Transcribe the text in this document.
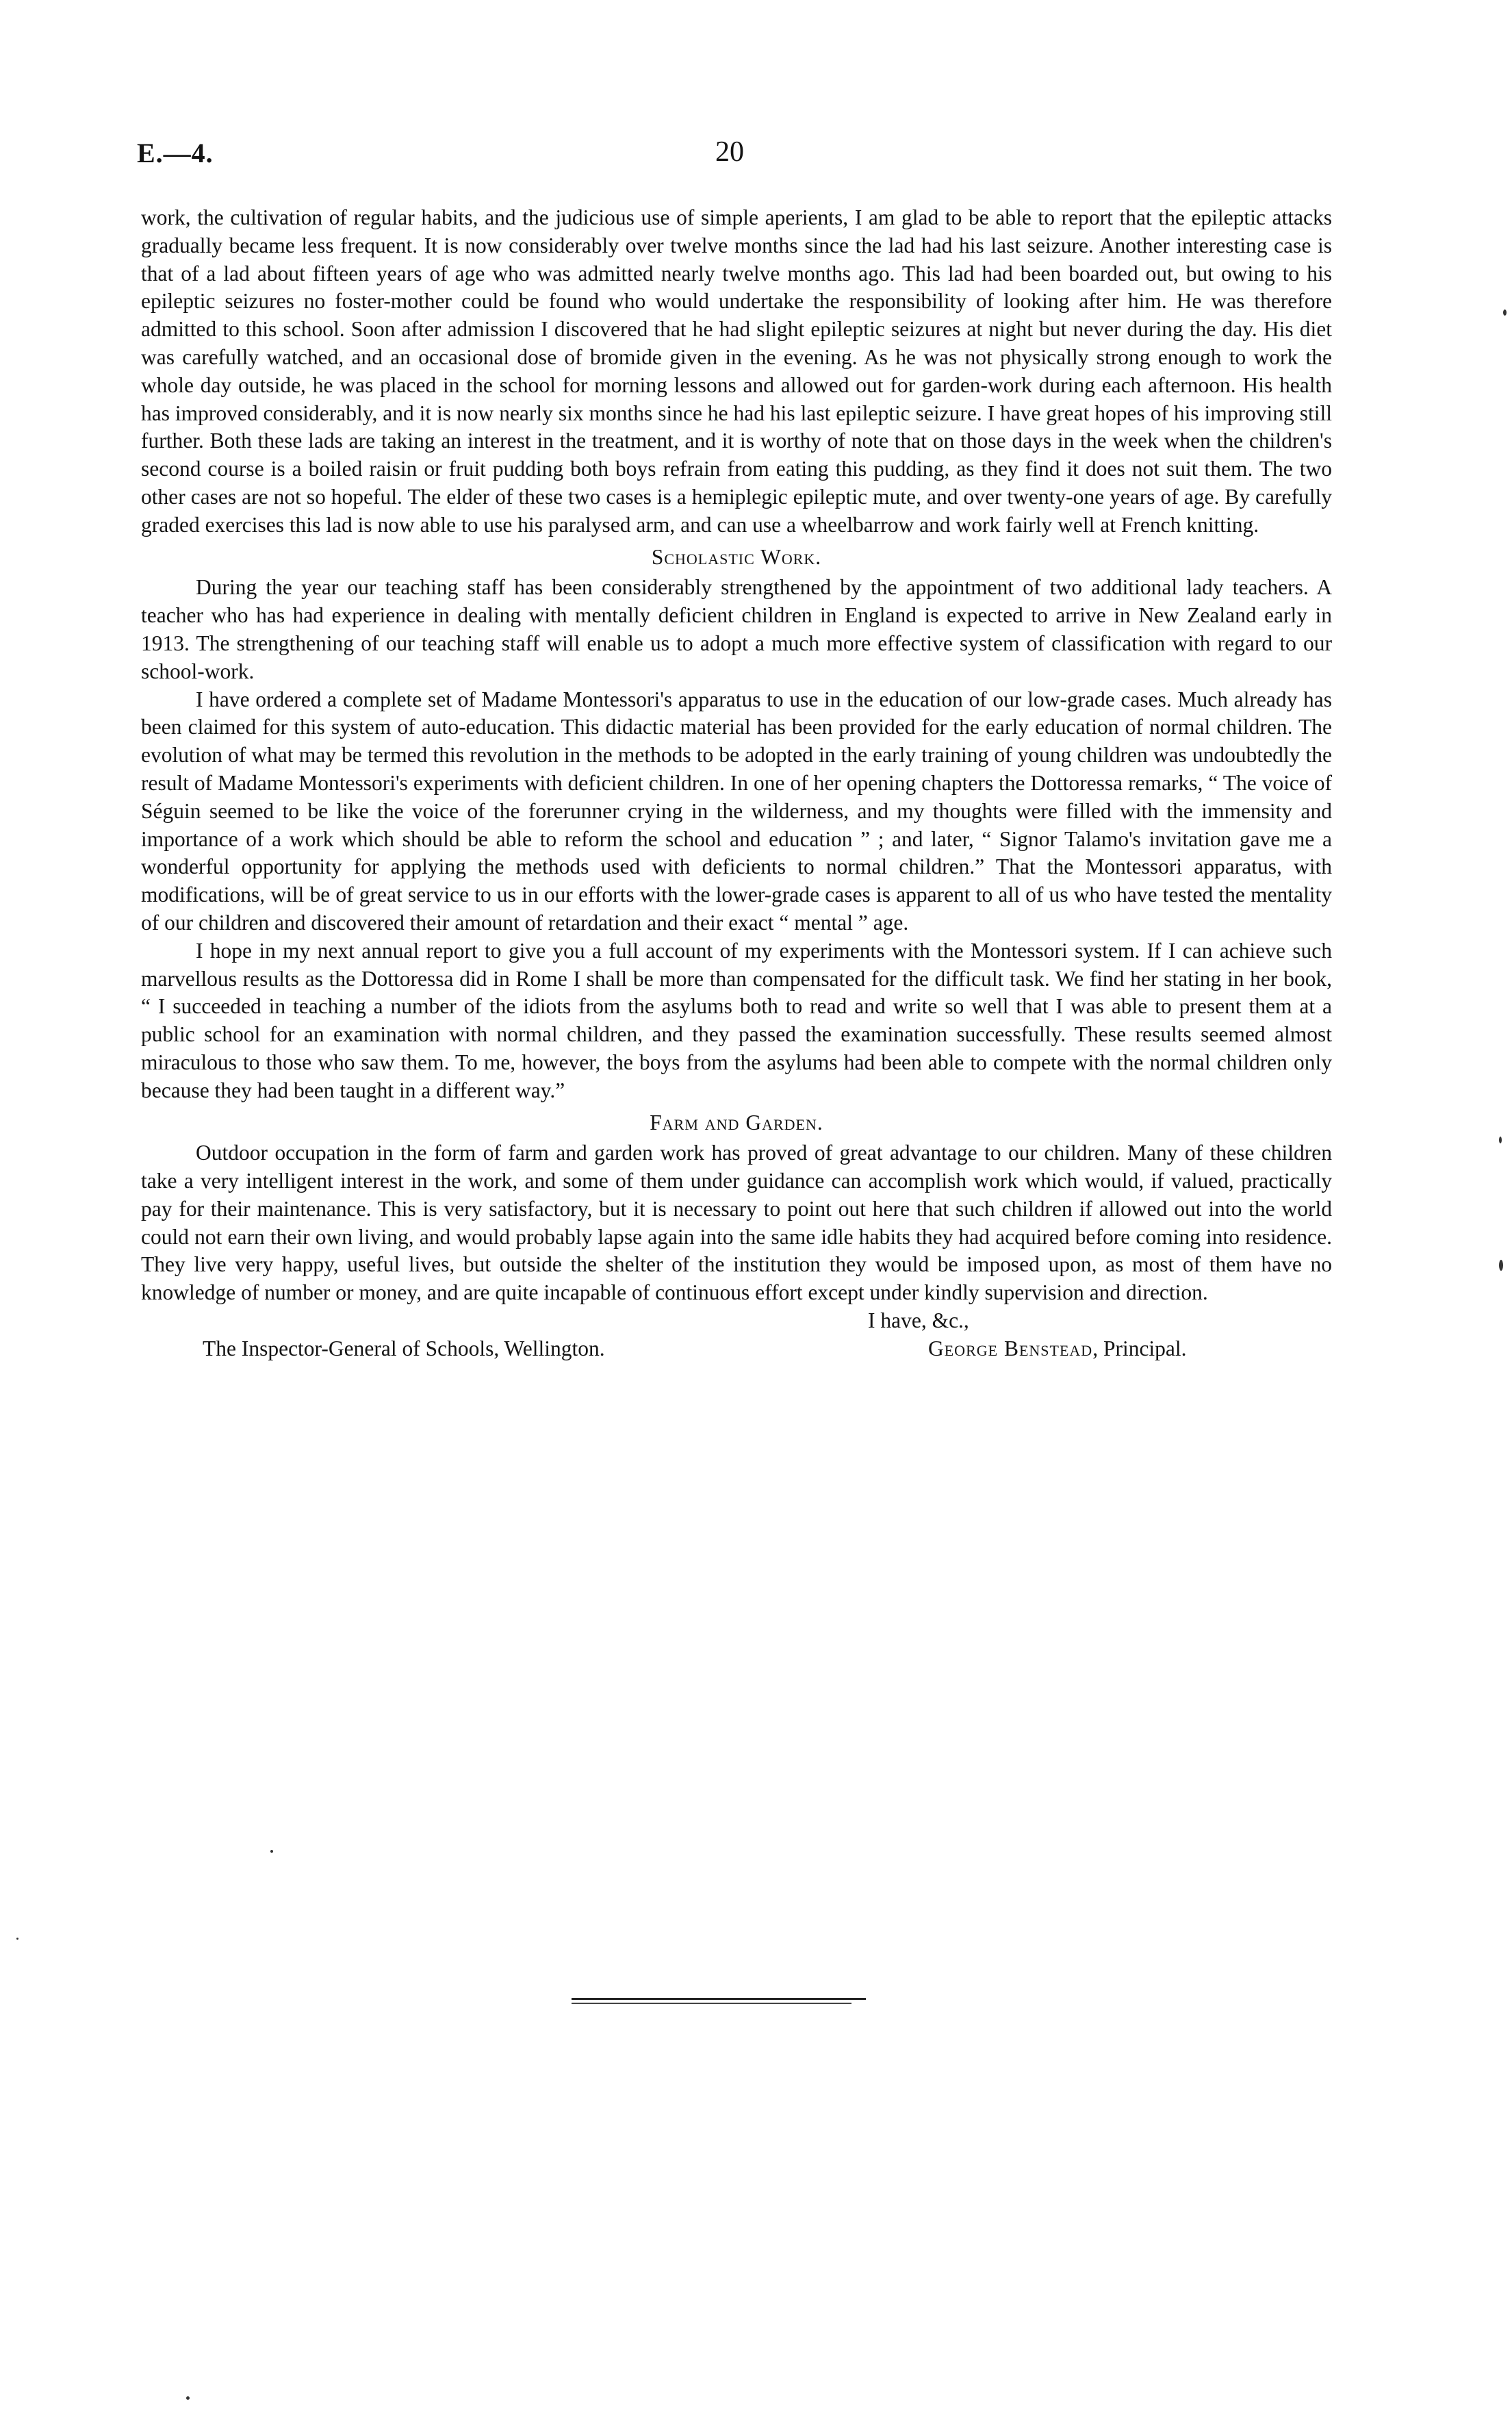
E.—4.	20

work, the cultivation of regular habits, and the judicious use of simple aperients, I am glad to be able to report that the epileptic attacks gradually became less frequent. It is now considerably over twelve months since the lad had his last seizure. Another interesting case is that of a lad about fifteen years of age who was admitted nearly twelve months ago. This lad had been boarded out, but owing to his epileptic seizures no foster-mother could be found who would undertake the responsibility of looking after him. He was therefore admitted to this school. Soon after admission I discovered that he had slight epileptic seizures at night but never during the day. His diet was carefully watched, and an occasional dose of bromide given in the evening. As he was not physically strong enough to work the whole day outside, he was placed in the school for morning lessons and allowed out for garden-work during each afternoon. His health has improved considerably, and it is now nearly six months since he had his last epileptic seizure. I have great hopes of his improving still further. Both these lads are taking an interest in the treatment, and it is worthy of note that on those days in the week when the children's second course is a boiled raisin or fruit pudding both boys refrain from eating this pudding, as they find it does not suit them. The two other cases are not so hopeful. The elder of these two cases is a hemiplegic epileptic mute, and over twenty-one years of age. By carefully graded exercises this lad is now able to use his paralysed arm, and can use a wheelbarrow and work fairly well at French knitting.

Scholastic Work.

During the year our teaching staff has been considerably strengthened by the appointment of two additional lady teachers. A teacher who has had experience in dealing with mentally deficient children in England is expected to arrive in New Zealand early in 1913. The strengthening of our teaching staff will enable us to adopt a much more effective system of classification with regard to our school-work.

I have ordered a complete set of Madame Montessori's apparatus to use in the education of our low-grade cases. Much already has been claimed for this system of auto-education. This didactic material has been provided for the early education of normal children. The evolution of what may be termed this revolution in the methods to be adopted in the early training of young children was undoubtedly the result of Madame Montessori's experiments with deficient children. In one of her opening chapters the Dottoressa remarks, “ The voice of Séguin seemed to be like the voice of the forerunner crying in the wilderness, and my thoughts were filled with the immensity and importance of a work which should be able to reform the school and education ” ; and later, “ Signor Talamo's invitation gave me a wonderful opportunity for applying the methods used with deficients to normal children.” That the Montessori apparatus, with modifications, will be of great service to us in our efforts with the lower-grade cases is apparent to all of us who have tested the mentality of our children and discovered their amount of retardation and their exact “ mental ” age.

I hope in my next annual report to give you a full account of my experiments with the Montessori system. If I can achieve such marvellous results as the Dottoressa did in Rome I shall be more than compensated for the difficult task. We find her stating in her book, “ I succeeded in teaching a number of the idiots from the asylums both to read and write so well that I was able to present them at a public school for an examination with normal children, and they passed the examination successfully. These results seemed almost miraculous to those who saw them. To me, however, the boys from the asylums had been able to compete with the normal children only because they had been taught in a different way.”

Farm and Garden.

Outdoor occupation in the form of farm and garden work has proved of great advantage to our children. Many of these children take a very intelligent interest in the work, and some of them under guidance can accomplish work which would, if valued, practically pay for their maintenance. This is very satisfactory, but it is necessary to point out here that such children if allowed out into the world could not earn their own living, and would probably lapse again into the same idle habits they had acquired before coming into residence. They live very happy, useful lives, but outside the shelter of the institution they would be imposed upon, as most of them have no knowledge of number or money, and are quite incapable of continuous effort except under kindly supervision and direction.

I have, &c.,
The Inspector-General of Schools, Wellington.	George Benstead, Principal.
